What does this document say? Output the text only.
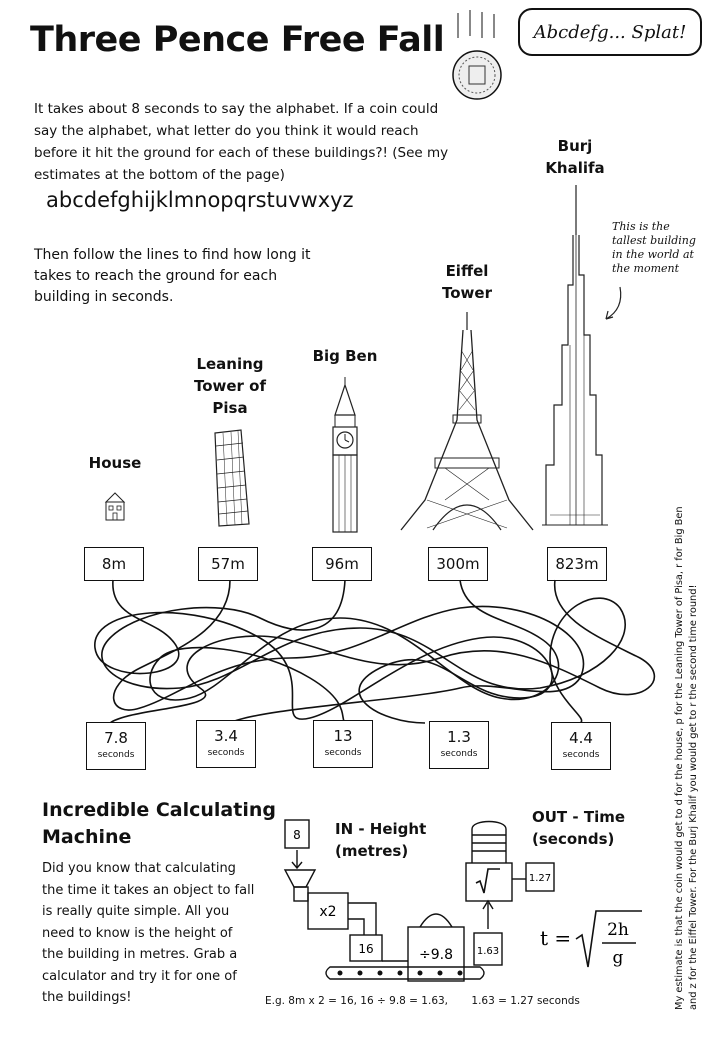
Three Pence Free Fall	Abcdefg... Splat!
It takes about 8 seconds to say the alphabet. If a coin could say the alphabet, what letter do you think it would reach before it hit the ground for each of these buildings?! (See my estimates at the bottom of the page)
abcdefghijklmnopqrstuvwxyz
Then follow the lines to find how long it takes to reach the ground for each building in seconds.
House
Leaning Tower of Pisa
Big Ben
Eiffel Tower
Burj Khalifa
This is the tallest building in the world at the moment
8m	57m	96m	300m	823m
7.8
seconds
3.4
seconds
13
seconds
1.3
seconds
4.4
seconds
Incredible Calculating Machine
Did you know that calculating the time it takes an object to fall is really quite simple. All you need to know is the height of the building in metres. Grab a calculator and try it for one of the buildings!
IN - Height (metres)
OUT - Time (seconds)
8
x2
16	÷9.8 1.63
1.27
t = 2h
g
E.g. 8m x 2 = 16, 16 ÷ 9.8 = 1.63,       1.63 = 1.27 seconds	My estimate is that the coin would get to d for the house, p for the Leaning Tower of Pisa, r for Big Ben and z for the Eiffel Tower. For the Burj Khalif you would get to r the second time round!
